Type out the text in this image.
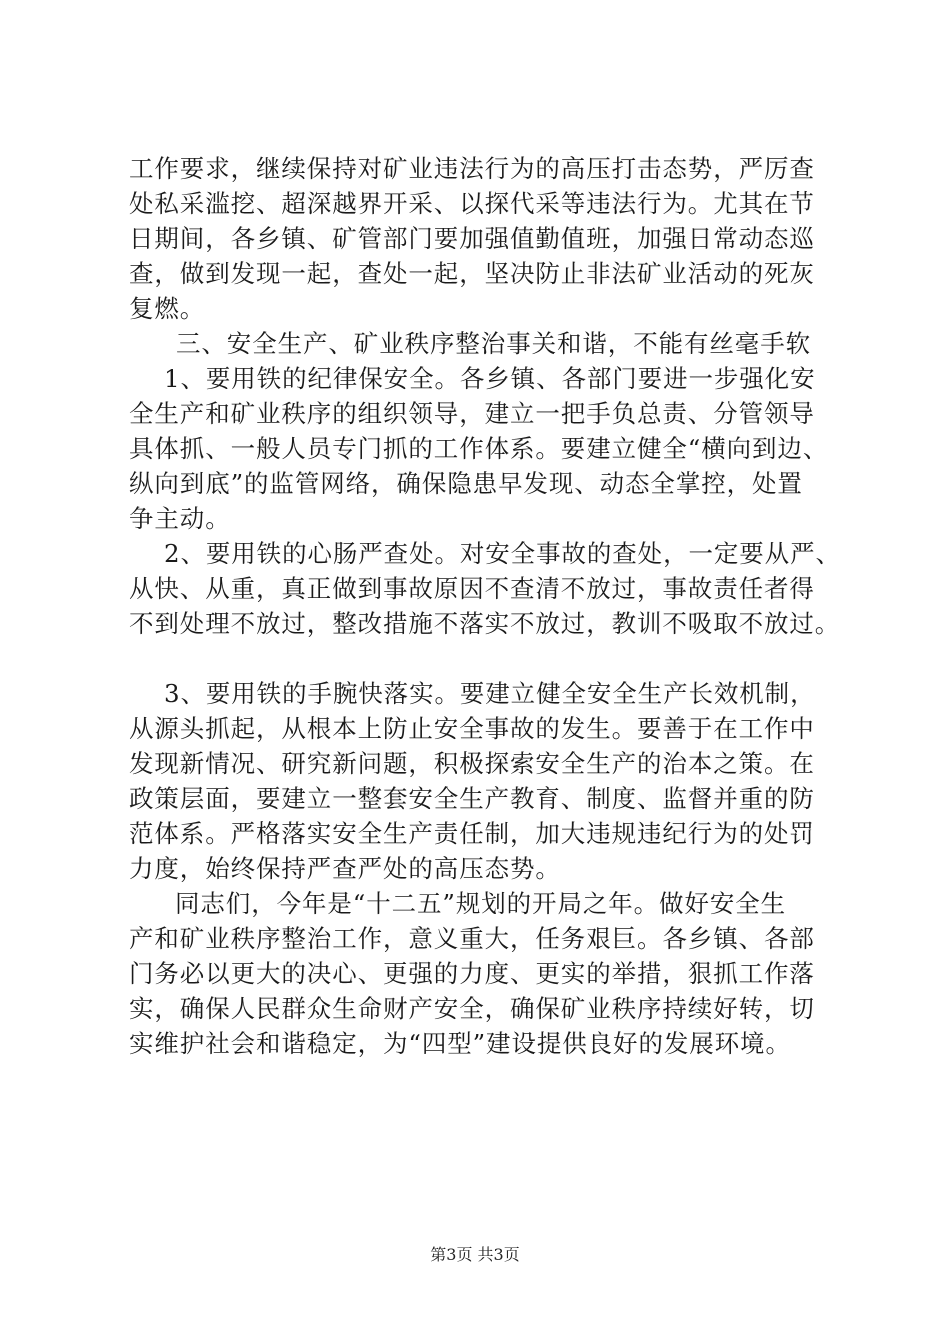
工作要求，继续保持对矿业违法行为的高压打击态势，严厉查
处私采滥挖、超深越界开采、以探代采等违法行为。尤其在节
日期间，各乡镇、矿管部门要加强值勤值班，加强日常动态巡
查，做到发现一起，查处一起，坚决防止非法矿业活动的死灰
复燃。
三、安全生产、矿业秩序整治事关和谐，不能有丝毫手软
1、要用铁的纪律保安全。各乡镇、各部门要进一步强化安
全生产和矿业秩序的组织领导，建立一把手负总责、分管领导
具体抓、一般人员专门抓的工作体系。要建立健全“横向到边、
纵向到底”的监管网络，确保隐患早发现、动态全掌控，处置
争主动。
2、要用铁的心肠严查处。对安全事故的查处，一定要从严、
从快、从重，真正做到事故原因不查清不放过，事故责任者得
不到处理不放过，整改措施不落实不放过，教训不吸取不放过。
3、要用铁的手腕快落实。要建立健全安全生产长效机制，
从源头抓起，从根本上防止安全事故的发生。要善于在工作中
发现新情况、研究新问题，积极探索安全生产的治本之策。在
政策层面，要建立一整套安全生产教育、制度、监督并重的防
范体系。严格落实安全生产责任制，加大违规违纪行为的处罚
力度，始终保持严查严处的高压态势。
同志们，今年是“十二五”规划的开局之年。做好安全生
产和矿业秩序整治工作，意义重大，任务艰巨。各乡镇、各部
门务必以更大的决心、更强的力度、更实的举措，狠抓工作落
实，确保人民群众生命财产安全，确保矿业秩序持续好转，切
实维护社会和谐稳定，为“四型”建设提供良好的发展环境。
第3页 共3页
